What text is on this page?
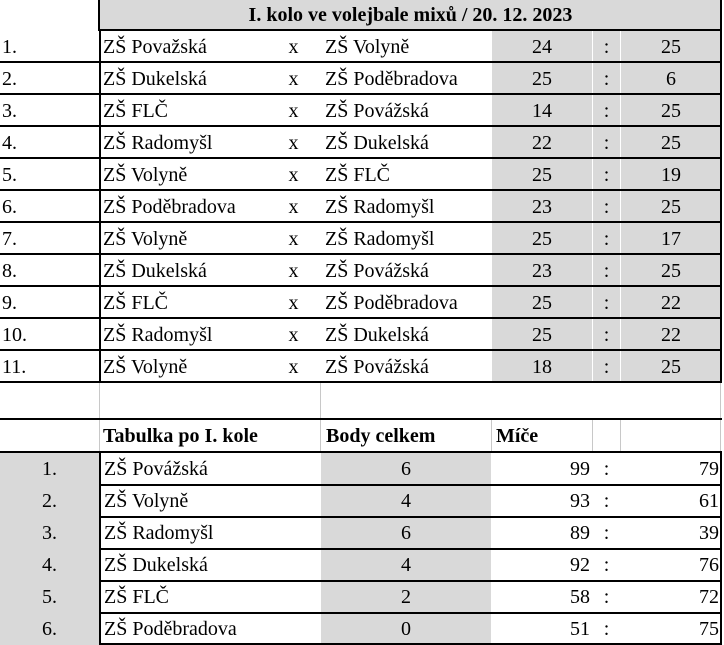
I. kolo ve volejbale mixů / 20. 12. 2023
1.	ZŠ Považská	x	ZŠ Volyně	24	:	25
2.	ZŠ Dukelská	x	ZŠ Poděbradova	25	:	6
3.	ZŠ FLČ	x	ZŠ Povážská	14	:	25
4.	ZŠ Radomyšl	x	ZŠ Dukelská	22	:	25
5.	ZŠ Volyně	x	ZŠ FLČ	25	:	19
6.	ZŠ Poděbradova	x	ZŠ Radomyšl	23	:	25
7.	ZŠ Volyně	x	ZŠ Radomyšl	25	:	17
8.	ZŠ Dukelská	x	ZŠ Povážská	23	:	25
9.	ZŠ FLČ	x	ZŠ Poděbradova	25	:	22
10.	ZŠ Radomyšl	x	ZŠ Dukelská	25	:	22
11.	ZŠ Volyně	x	ZŠ Povážská	18	:	25
Tabulka po I. kole	Body celkem	Míče
1.	ZŠ Povážská	6	99 :	79
2.	ZŠ Volyně	4	93 :	61
3.	ZŠ Radomyšl	6	89 :	39
4.	ZŠ Dukelská	4	92 :	76
5.	ZŠ FLČ	2	58 :	72
6.	ZŠ Poděbradova	0	51 :	75
